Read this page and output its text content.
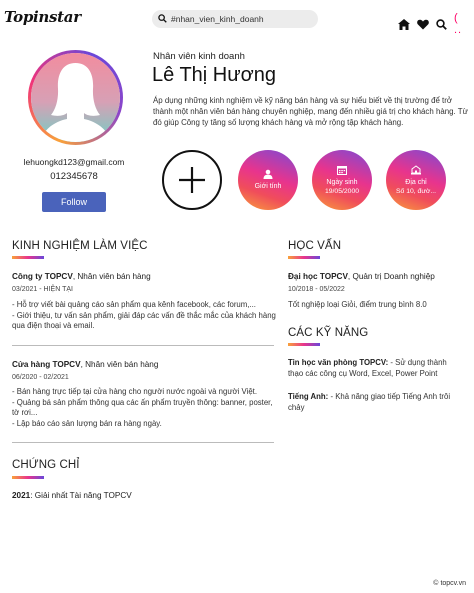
Topinstar
#nhan_vien_kinh_doanh	( ..
lehuongkd123@gmail.com
012345678
Follow
Nhân viên kinh doanh
Lê Thị Hương
Áp dụng những kinh nghiệm về kỹ năng bán hàng và sự hiểu biết về thị trường để trở thành một nhân viên bán hàng chuyên nghiệp, mang đến nhiều giá trị cho khách hàng. Từ đó giúp Công ty tăng số lượng khách hàng và mở rộng tập khách hàng.
Giới tính
Ngày sinh
19/05/2000
Địa chỉ
Số 10, đườ...
KINH NGHIỆM LÀM VIỆC
Công ty TOPCV, Nhân viên bán hàng
03/2021 - HIỆN TẠI
- Hỗ trợ viết bài quảng cáo sản phẩm qua kênh facebook, các forum,...
- Giới thiệu, tư vấn sản phẩm, giải đáp các vấn đề thắc mắc của khách hàng qua điện thoại và email.
Cửa hàng TOPCV, Nhân viên bán hàng
06/2020 - 02/2021
- Bán hàng trực tiếp tại cửa hàng cho người nước ngoài và người Việt.
- Quảng bá sản phẩm thông qua các ấn phẩm truyền thông: banner, poster, tờ rơi...
- Lập báo cáo sản lượng bán ra hàng ngày.
CHỨNG CHỈ
2021: Giải nhất Tài năng TOPCV
HỌC VẤN
Đại học TOPCV, Quản trị Doanh nghiệp
10/2018 - 05/2022
Tốt nghiệp loại Giỏi, điểm trung bình 8.0
CÁC KỸ NĂNG
Tin học văn phòng TOPCV: - Sử dụng thành thạo các công cụ Word, Excel, Power Point
Tiếng Anh: - Khả năng giao tiếp Tiếng Anh trôi chảy
© topcv.vn
